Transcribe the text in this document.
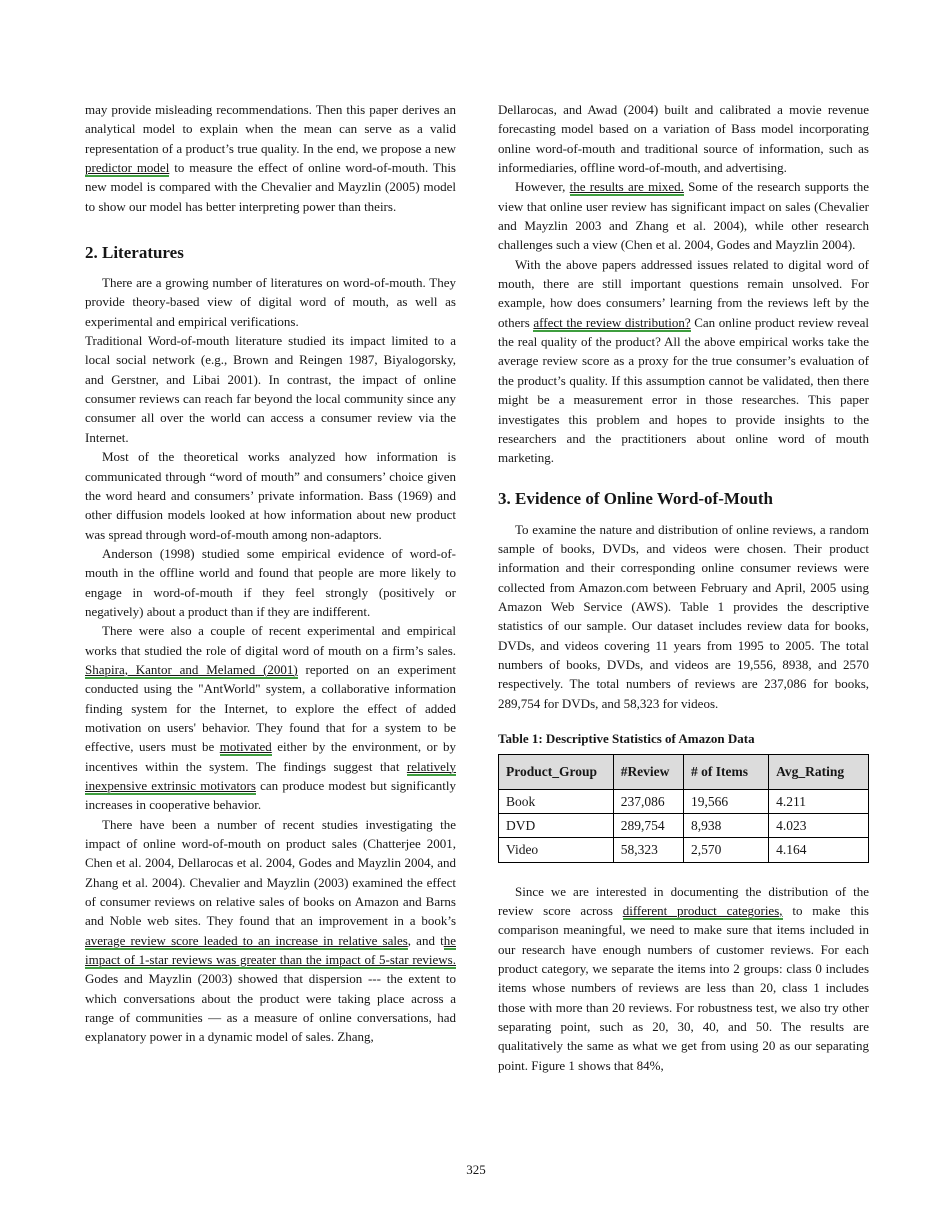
may provide misleading recommendations. Then this paper derives an analytical model to explain when the mean can serve as a valid representation of a product’s true quality. In the end, we propose a new predictor model to measure the effect of online word-of-mouth. This new model is compared with the Chevalier and Mayzlin (2005) model to show our model has better interpreting power than theirs.

2. Literatures

There are a growing number of literatures on word-of-mouth. They provide theory-based view of digital word of mouth, as well as experimental and empirical verifications.

Traditional Word-of-mouth literature studied its impact limited to a local social network (e.g., Brown and Reingen 1987, Biyalogorsky, and Gerstner, and Libai 2001). In contrast, the impact of online consumer reviews can reach far beyond the local community since any consumer all over the world can access a consumer review via the Internet.

Most of the theoretical works analyzed how information is communicated through “word of mouth” and consumers’ choice given the word heard and consumers’ private information. Bass (1969) and other diffusion models looked at how information about new product was spread through word-of-mouth among non-adaptors.

Anderson (1998) studied some empirical evidence of word-of-mouth in the offline world and found that people are more likely to engage in word-of-mouth if they feel strongly (positively or negatively) about a product than if they are indifferent.

There were also a couple of recent experimental and empirical works that studied the role of digital word of mouth on a firm’s sales. Shapira, Kantor and Melamed (2001) reported on an experiment conducted using the "AntWorld" system, a collaborative information finding system for the Internet, to explore the effect of added motivation on users' behavior. They found that for a system to be effective, users must be motivated either by the environment, or by incentives within the system. The findings suggest that relatively inexpensive extrinsic motivators can produce modest but significantly increases in cooperative behavior.

There have been a number of recent studies investigating the impact of online word-of-mouth on product sales (Chatterjee 2001, Chen et al. 2004, Dellarocas et al. 2004, Godes and Mayzlin 2004, and Zhang et al. 2004). Chevalier and Mayzlin (2003) examined the effect of consumer reviews on relative sales of books on Amazon and Barns and Noble web sites. They found that an improvement in a book’s average review score leaded to an increase in relative sales, and the impact of 1-star reviews was greater than the impact of 5-star reviews. Godes and Mayzlin (2003) showed that dispersion --- the extent to which conversations about the product were taking place across a range of communities — as a measure of online conversations, had explanatory power in a dynamic model of sales. Zhang,

Dellarocas, and Awad (2004) built and calibrated a movie revenue forecasting model based on a variation of Bass model incorporating online word-of-mouth and traditional source of information, such as informediaries, offline word-of-mouth, and advertising.

However, the results are mixed. Some of the research supports the view that online user review has significant impact on sales (Chevalier and Mayzlin 2003 and Zhang et al. 2004), while other research challenges such a view (Chen et al. 2004, Godes and Mayzlin 2004).

With the above papers addressed issues related to digital word of mouth, there are still important questions remain unsolved. For example, how does consumers’ learning from the reviews left by the others affect the review distribution? Can online product review reveal the real quality of the product? All the above empirical works take the average review score as a proxy for the true consumer’s evaluation of the product’s quality. If this assumption cannot be validated, then there might be a measurement error in those researches. This paper investigates this problem and hopes to provide insights to the researchers and the practitioners about online word of mouth marketing.

3. Evidence of Online Word-of-Mouth

To examine the nature and distribution of online reviews, a random sample of books, DVDs, and videos were chosen. Their product information and their corresponding online consumer reviews were collected from Amazon.com between February and April, 2005 using Amazon Web Service (AWS). Table 1 provides the descriptive statistics of our sample. Our dataset includes review data for books, DVDs, and videos covering 11 years from 1995 to 2005. The total numbers of books, DVDs, and videos are 19,556, 8938, and 2570 respectively. The total numbers of reviews are 237,086 for books, 289,754 for DVDs, and 58,323 for videos.

Table 1: Descriptive Statistics of Amazon Data
Product_Group	#Review	# of Items	Avg_Rating
Book	237,086	19,566	4.211
DVD	289,754	8,938	4.023
Video	58,323	2,570	4.164

Since we are interested in documenting the distribution of the review score across different product categories, to make this comparison meaningful, we need to make sure that items included in our research have enough numbers of customer reviews. For each product category, we separate the items into 2 groups: class 0 includes items whose numbers of reviews are less than 20, class 1 includes those with more than 20 reviews. For robustness test, we also try other separating point, such as 20, 30, 40, and 50. The results are qualitatively the same as what we get from using 20 as our separating point. Figure 1 shows that 84%,

325
